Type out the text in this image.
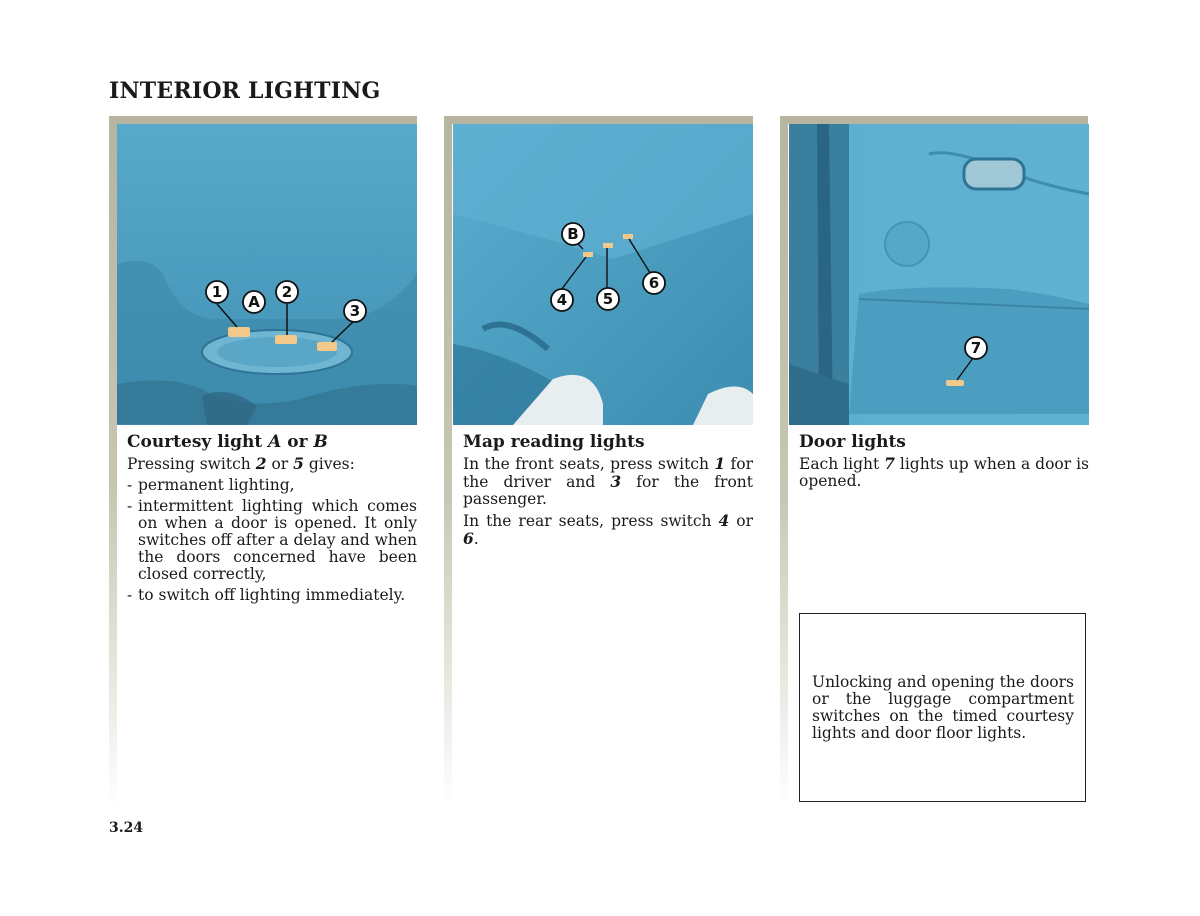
INTERIOR LIGHTING
1
A
2
3
Courtesy light A or B

Pressing switch 2 or 5 gives:

- permanent lighting,
- intermittent lighting which comes on when a door is opened. It only switches off after a delay and when the doors concerned have been closed correctly,
- to switch off lighting immediately.
B
4 5
6
Map reading lights

In the front seats, press switch 1 for the driver and 3 for the front passenger.

In the rear seats, press switch 4 or 6.

7
Door lights

Each light 7 lights up when a door is opened.

Unlocking and opening the doors or the luggage compartment switches on the timed courtesy lights and door floor lights.

3.24
